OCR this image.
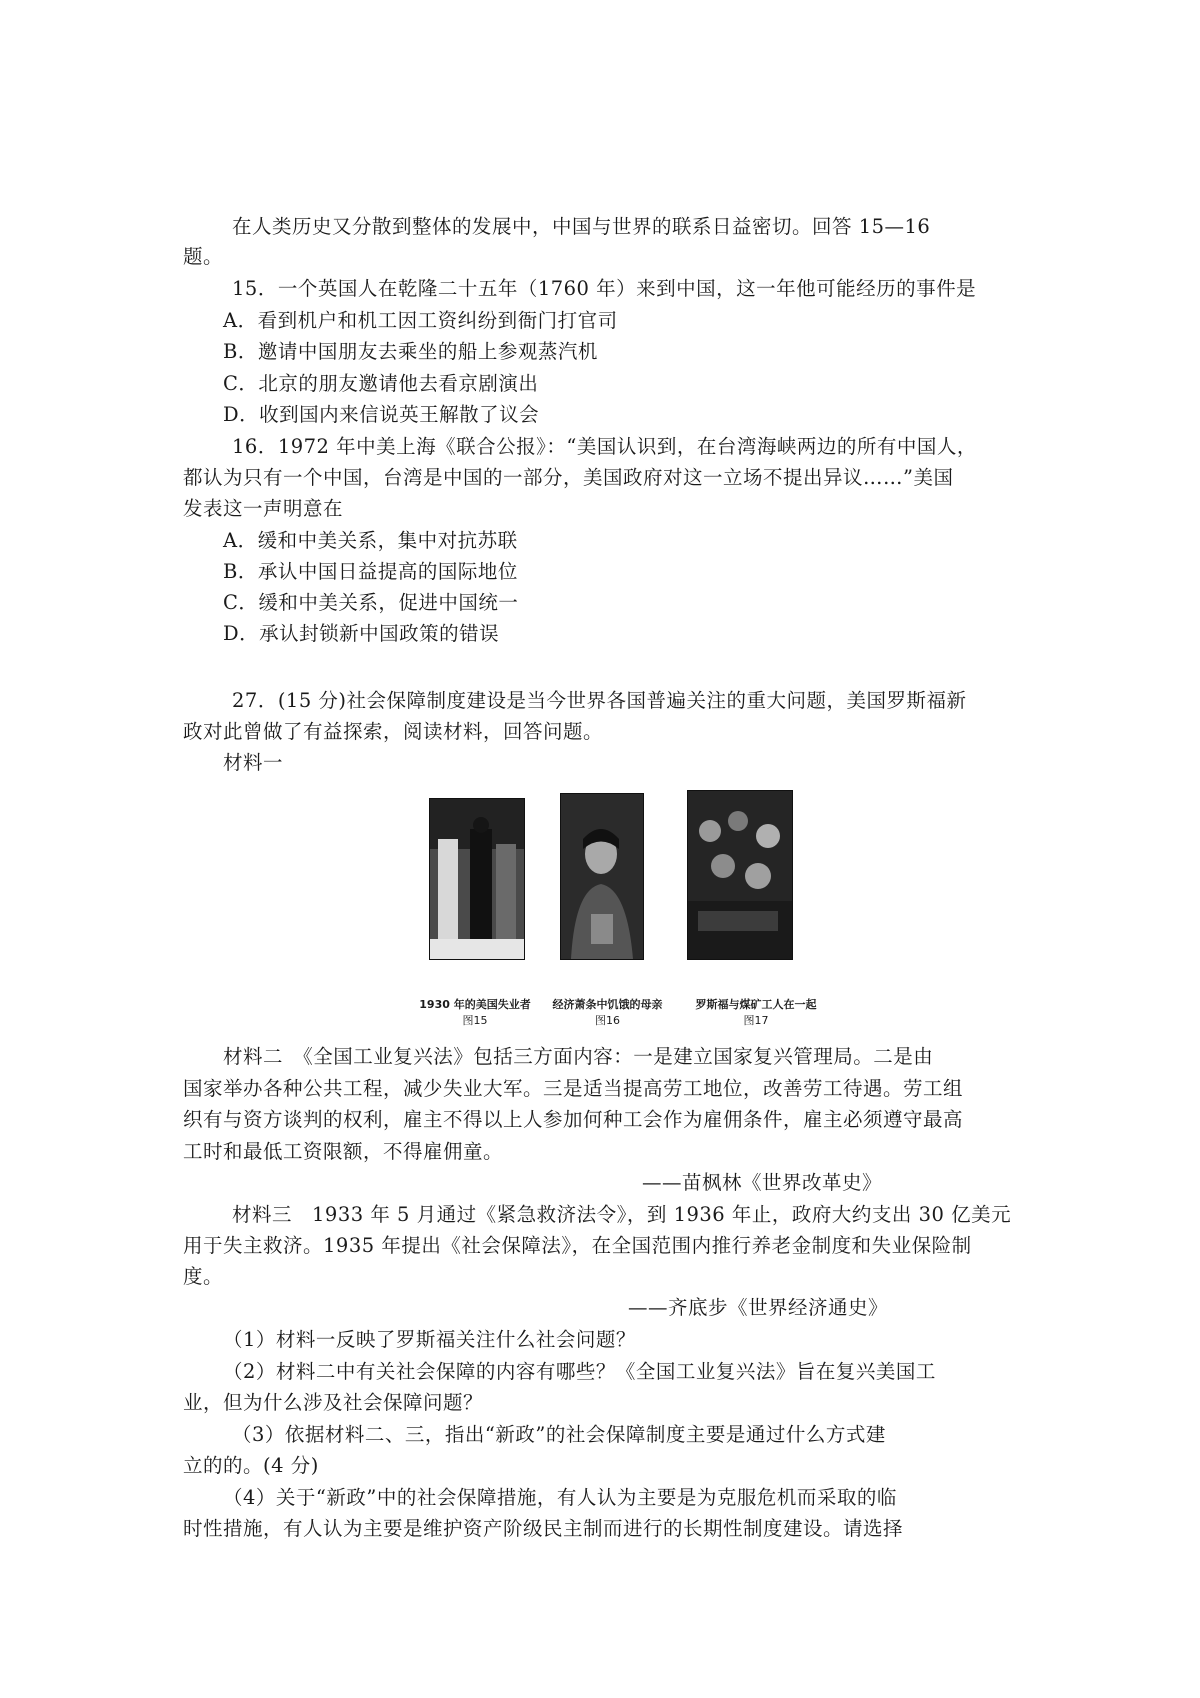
在人类历史又分散到整体的发展中，中国与世界的联系日益密切。回答 15—16
题。
15．一个英国人在乾隆二十五年（1760 年）来到中国，这一年他可能经历的事件是
A．看到机户和机工因工资纠纷到衙门打官司
B．邀请中国朋友去乘坐的船上参观蒸汽机
C．北京的朋友邀请他去看京剧演出
D．收到国内来信说英王解散了议会
16．1972 年中美上海《联合公报》：“美国认识到，在台湾海峡两边的所有中国人，
都认为只有一个中国，台湾是中国的一部分，美国政府对这一立场不提出异议……”美国
发表这一声明意在
A．缓和中美关系，集中对抗苏联
B．承认中国日益提高的国际地位
C．缓和中美关系，促进中国统一
D．承认封锁新中国政策的错误
27．(15 分)社会保障制度建设是当今世界各国普遍关注的重大问题，美国罗斯福新
政对此曾做了有益探索，阅读材料，回答问题。
材料一
1930 年的美国失业者
图15
经济萧条中饥饿的母亲
图16
罗斯福与煤矿工人在一起
图17
材料二　《全国工业复兴法》包括三方面内容：一是建立国家复兴管理局。二是由
国家举办各种公共工程，减少失业大军。三是适当提高劳工地位，改善劳工待遇。劳工组
织有与资方谈判的权利，雇主不得以上人参加何种工会作为雇佣条件，雇主必须遵守最高
工时和最低工资限额，不得雇佣童。
——苗枫林《世界改革史》
材料三　1933 年 5 月通过《紧急救济法令》，到 1936 年止，政府大约支出 30 亿美元
用于失主救济。1935 年提出《社会保障法》，在全国范围内推行养老金制度和失业保险制
度。
——齐底步《世界经济通史》
（1）材料一反映了罗斯福关注什么社会问题？
（2）材料二中有关社会保障的内容有哪些？《全国工业复兴法》旨在复兴美国工
业，但为什么涉及社会保障问题？
（3）依据材料二、三，指出“新政”的社会保障制度主要是通过什么方式建
立的的。(4 分)
（4）关于“新政”中的社会保障措施，有人认为主要是为克服危机而采取的临
时性措施，有人认为主要是维护资产阶级民主制而进行的长期性制度建设。请选择
